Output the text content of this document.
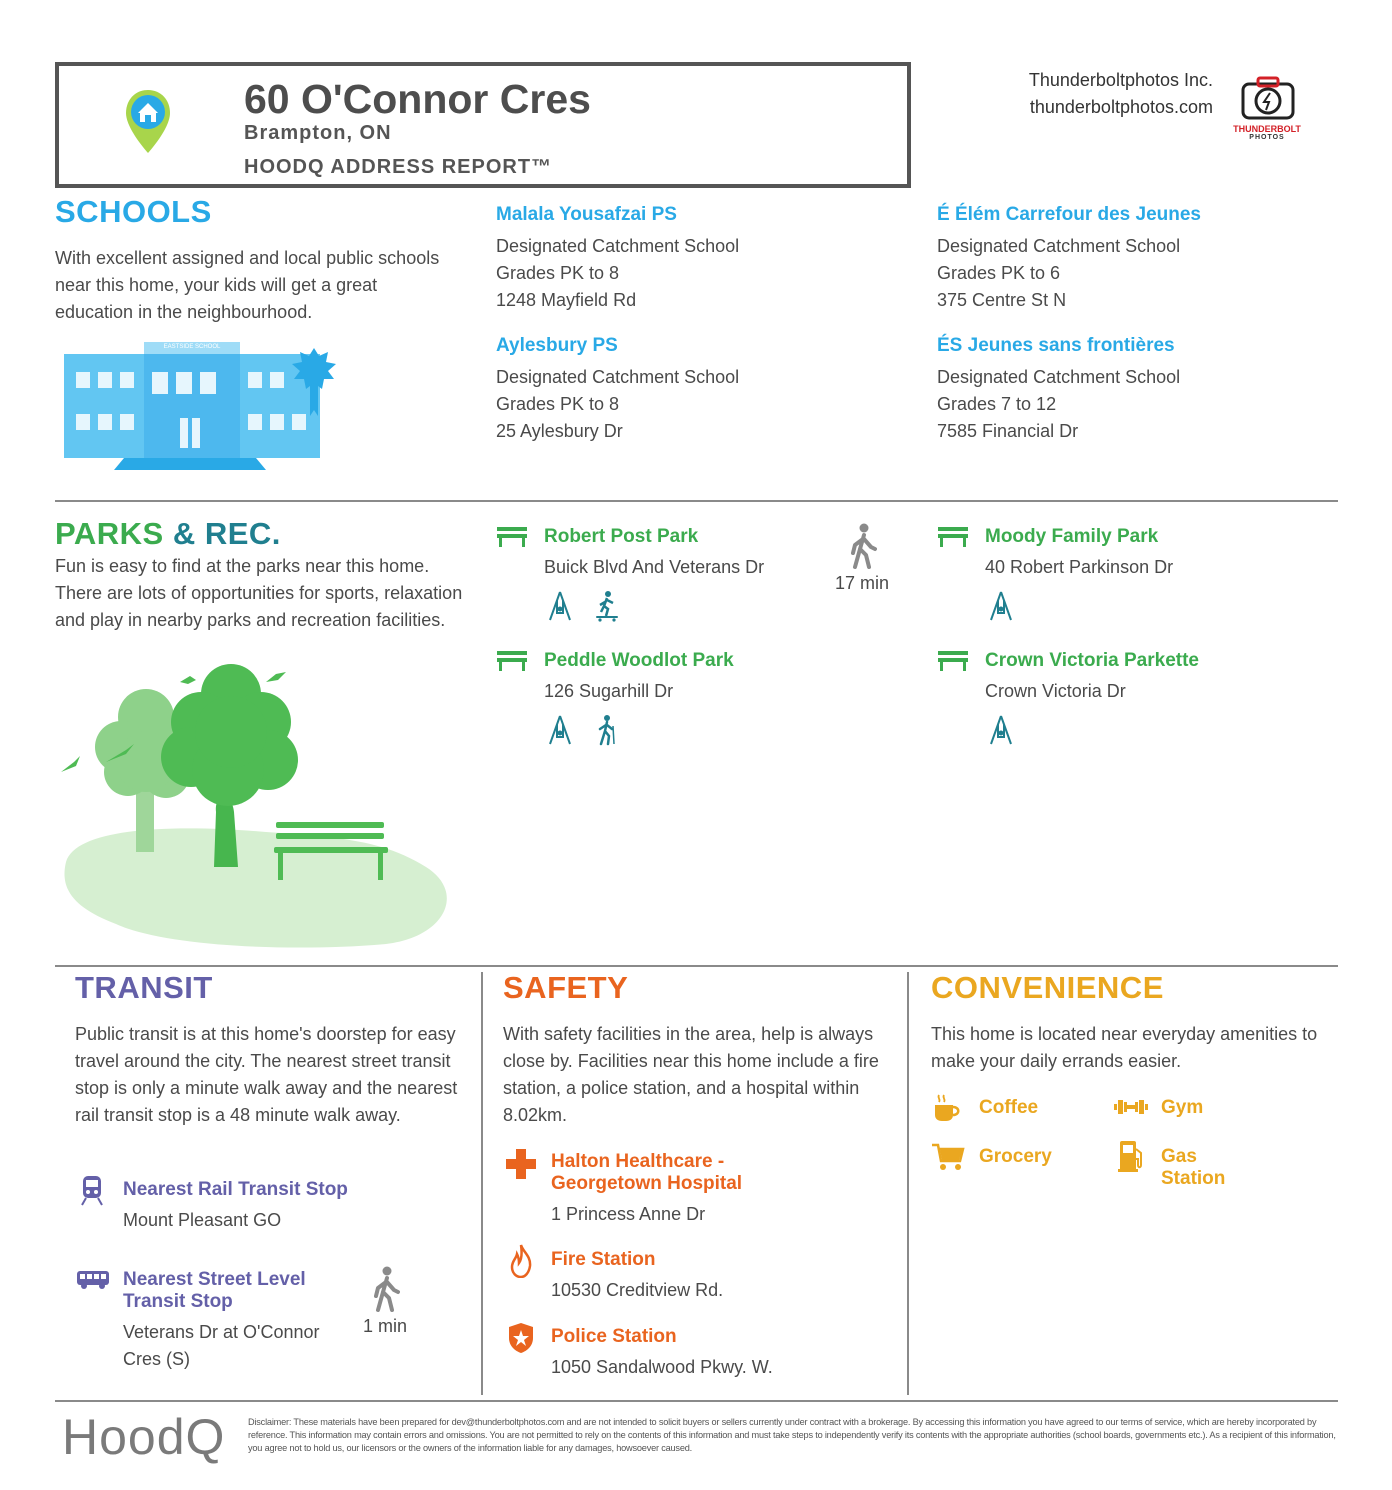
60 O'Connor Cres
Brampton, ON
HOODQ ADDRESS REPORT™
Thunderboltphotos Inc.
thunderboltphotos.com
THUNDERBOLT
PHOTOS
SCHOOLS
With excellent assigned and local public schools near this home, your kids will get a great education in the neighbourhood.
EASTSIDE SCHOOL
Malala Yousafzai PS
Designated Catchment School
Grades PK to 8
1248 Mayfield Rd
É Élém Carrefour des Jeunes
Designated Catchment School
Grades PK to 6
375 Centre St N
Aylesbury PS
Designated Catchment School
Grades PK to 8
25 Aylesbury Dr
ÉS Jeunes sans frontières
Designated Catchment School
Grades 7 to 12
7585 Financial Dr
PARKS & REC.
Fun is easy to find at the parks near this home. There are lots of opportunities for sports, relaxation and play in nearby parks and recreation facilities.
Robert Post Park
Buick Blvd And Veterans Dr
17 min
Moody Family Park
40 Robert Parkinson Dr
Peddle Woodlot Park
126 Sugarhill Dr
Crown Victoria Parkette
Crown Victoria Dr
TRANSIT
Public transit is at this home's doorstep for easy travel around the city. The nearest street transit stop is only a minute walk away and the nearest rail transit stop is a 48 minute walk away.
Nearest Rail Transit Stop
Mount Pleasant GO
Nearest Street Level
Transit Stop
Veterans Dr at O'Connor Cres (S)
1 min
SAFETY
With safety facilities in the area, help is always close by. Facilities near this home include a fire station, a police station, and a hospital within 8.02km.
Halton Healthcare -
Georgetown Hospital
1 Princess Anne Dr
Fire Station
10530 Creditview Rd.
Police Station
1050 Sandalwood Pkwy. W.
CONVENIENCE
This home is located near everyday amenities to make your daily errands easier.
Coffee	Gym
Grocery	Gas
Station
HoodQ Disclaimer: These materials have been prepared for dev@thunderboltphotos.com and are not intended to solicit buyers or sellers currently under contract with a brokerage. By accessing this information you have agreed to our terms of service, which are hereby incorporated by reference. This information may contain errors and omissions. You are not permitted to rely on the contents of this information and must take steps to independently verify its contents with the appropriate authorities (school boards, governments etc.). As a recipient of this information, you agree not to hold us, our licensors or the owners of the information liable for any damages, howsoever caused.
